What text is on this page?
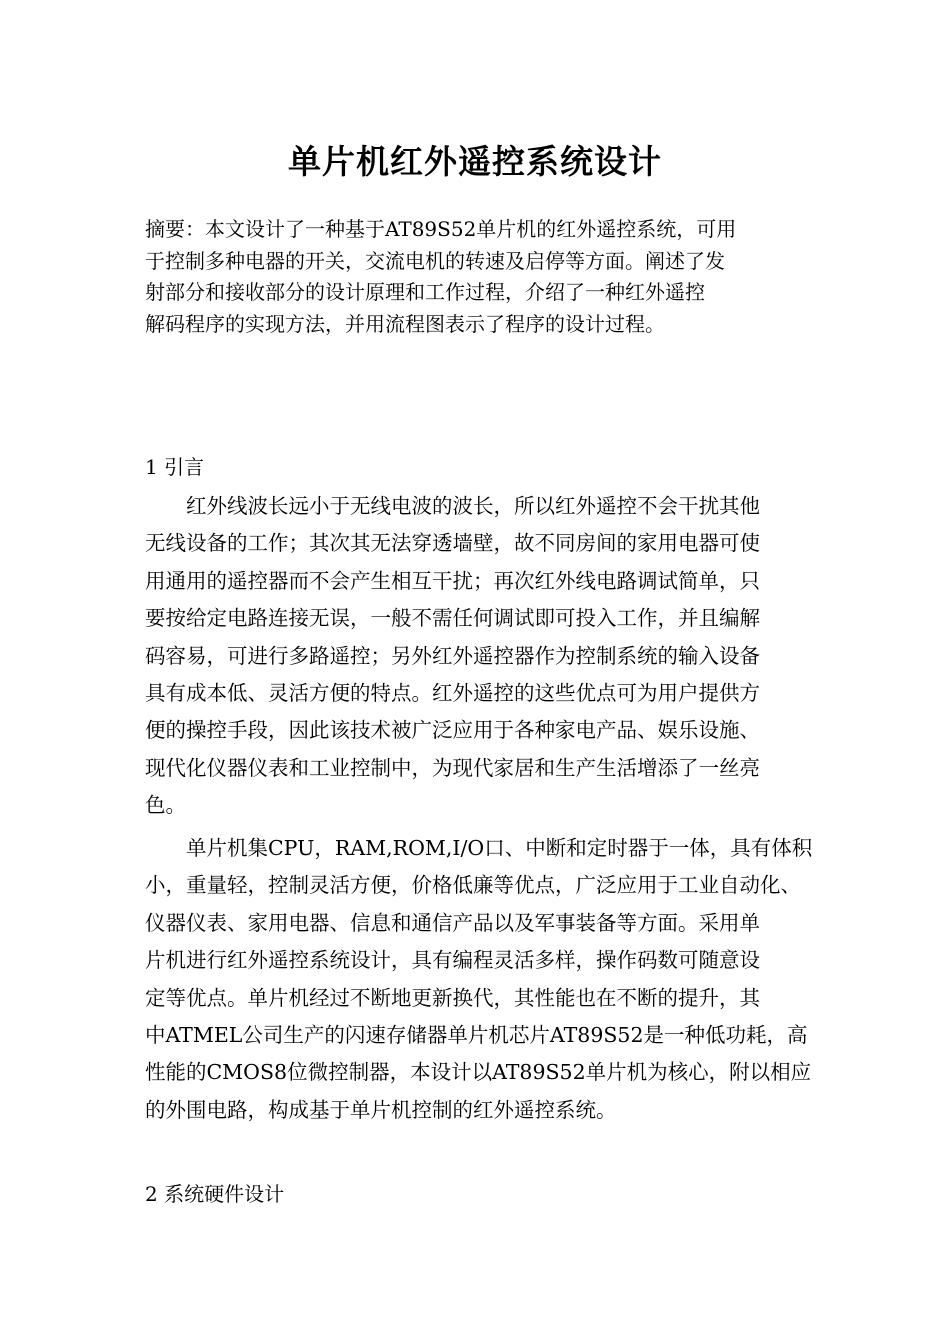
单片机红外遥控系统设计
摘要：本文设计了一种基于AT89S52单片机的红外遥控系统，可用
于控制多种电器的开关，交流电机的转速及启停等方面。阐述了发
射部分和接收部分的设计原理和工作过程，介绍了一种红外遥控
解码程序的实现方法，并用流程图表示了程序的设计过程。
1 引言
红外线波长远小于无线电波的波长，所以红外遥控不会干扰其他
无线设备的工作；其次其无法穿透墙壁，故不同房间的家用电器可使
用通用的遥控器而不会产生相互干扰；再次红外线电路调试简单，只
要按给定电路连接无误，一般不需任何调试即可投入工作，并且编解
码容易，可进行多路遥控；另外红外遥控器作为控制系统的输入设备
具有成本低、灵活方便的特点。红外遥控的这些优点可为用户提供方
便的操控手段，因此该技术被广泛应用于各种家电产品、娱乐设施、
现代化仪器仪表和工业控制中，为现代家居和生产生活增添了一丝亮
色。
单片机集CPU，RAM,ROM,I/O口、中断和定时器于一体，具有体积
小，重量轻，控制灵活方便，价格低廉等优点，广泛应用于工业自动化、
仪器仪表、家用电器、信息和通信产品以及军事装备等方面。采用单
片机进行红外遥控系统设计，具有编程灵活多样，操作码数可随意设
定等优点。单片机经过不断地更新换代，其性能也在不断的提升，其
中ATMEL公司生产的闪速存储器单片机芯片AT89S52是一种低功耗，高
性能的CMOS8位微控制器，本设计以AT89S52单片机为核心，附以相应
的外围电路，构成基于单片机控制的红外遥控系统。
2 系统硬件设计
